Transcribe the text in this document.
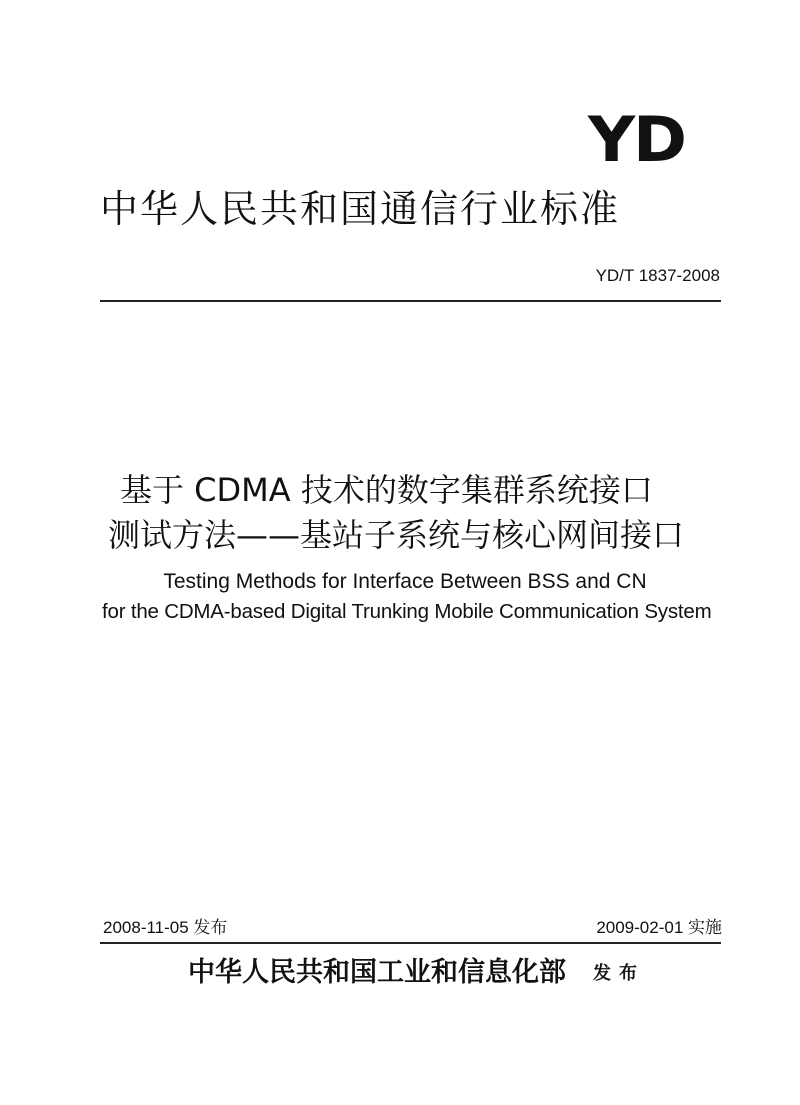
YD
中华人民共和国通信行业标准
YD/T 1837-2008
基于 CDMA 技术的数字集群系统接口
测试方法——基站子系统与核心网间接口
Testing Methods for Interface Between BSS and CN
for the CDMA-based Digital Trunking Mobile Communication System
2008-11-05 发布	2009-02-01 实施
中华人民共和国工业和信息化部 发布
